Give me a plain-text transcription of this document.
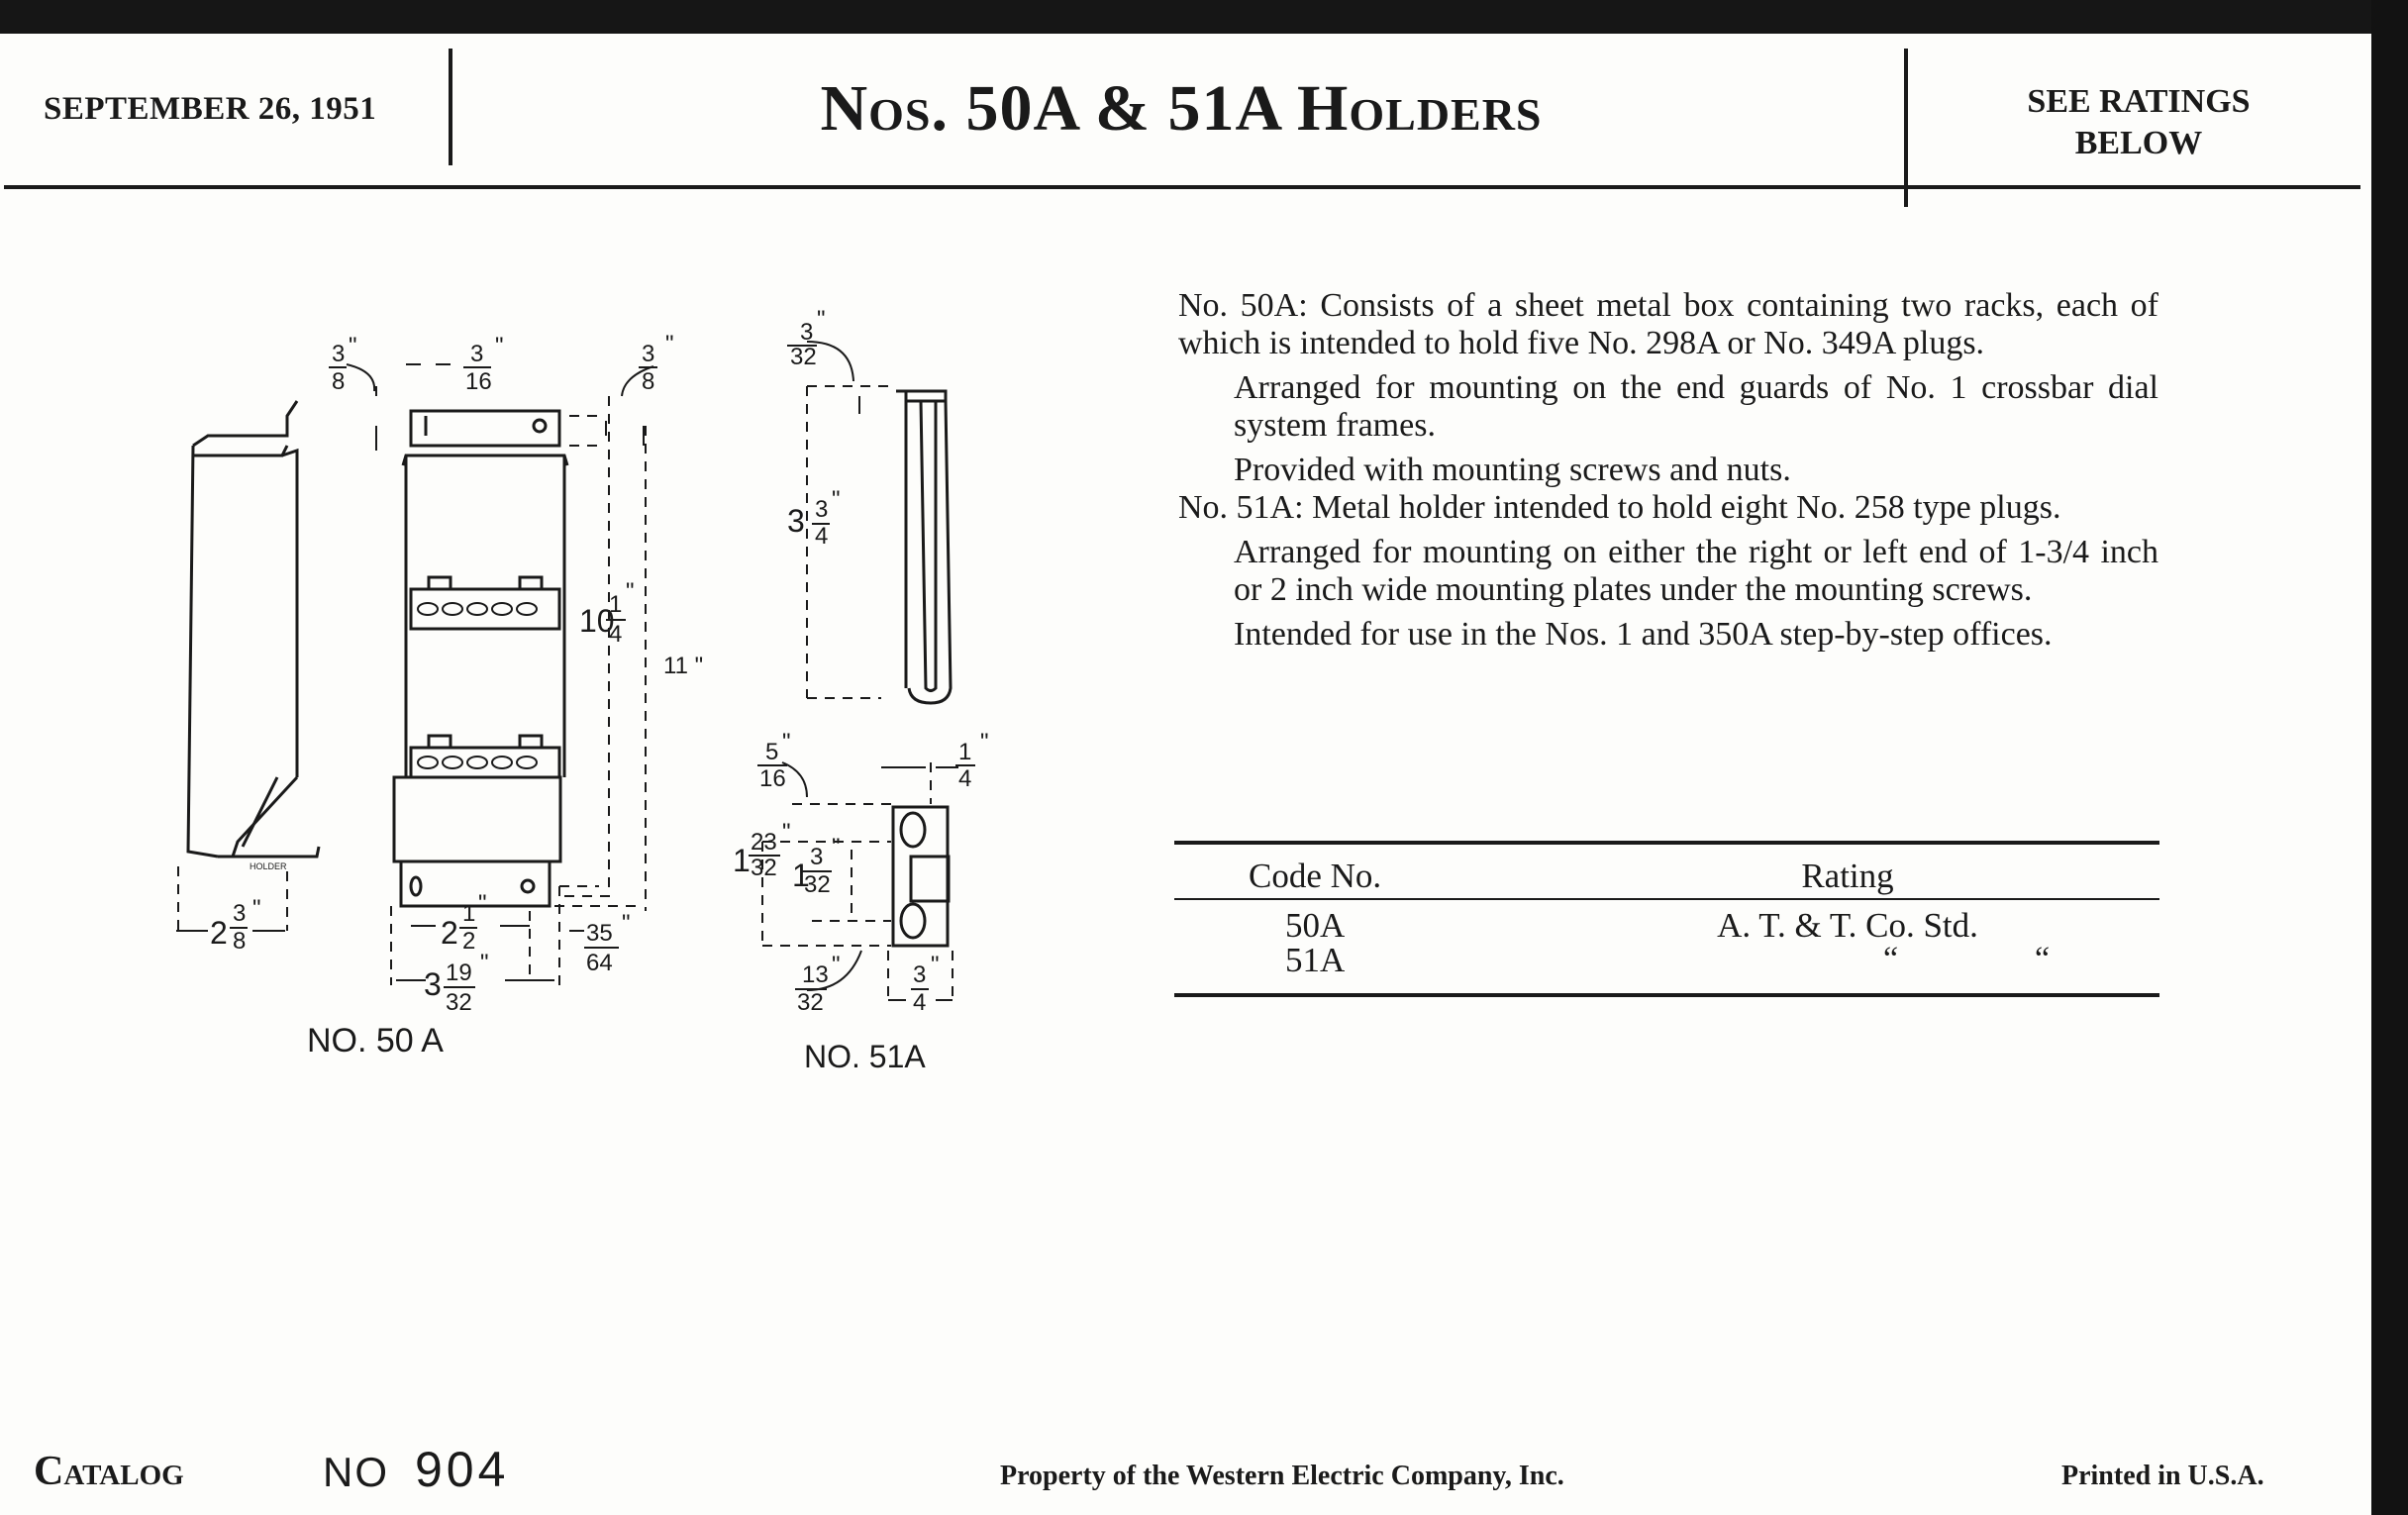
SEPTEMBER 26, 1951	Nos. 50A & 51A Holders	SEE RATINGS
BELOW
3
8
"	3
16
"	3
8
"
1
4
"
3
8
"	1
2
"
35
64
"
19
32
"
11 "
10
2	2
3
HOLDER
NO. 50 A
3
32
"
3
4
"
5
16
"	1
4
"
23
32
"
3
32
"
13
32
"	3
4
"
3
1 1
NO. 51A
No. 50A: Consists of a sheet metal box containing two racks, each of which is intended to hold five No. 298A or No. 349A plugs.
Arranged for mounting on the end guards of No. 1 crossbar dial system frames.
Provided with mounting screws and nuts.
No. 51A: Metal holder intended to hold eight No. 258 type plugs.
Arranged for mounting on either the right or left end of 1-3/4 inch or 2 inch wide mounting plates under the mounting screws.
Intended for use in the Nos. 1 and 350A step-by-step offices.
Code No.	Rating
50A	A. T. & T. Co. Std.
51A	“	“
Catalog	NO 904	Property of the Western Electric Company, Inc.	Printed in U.S.A.
